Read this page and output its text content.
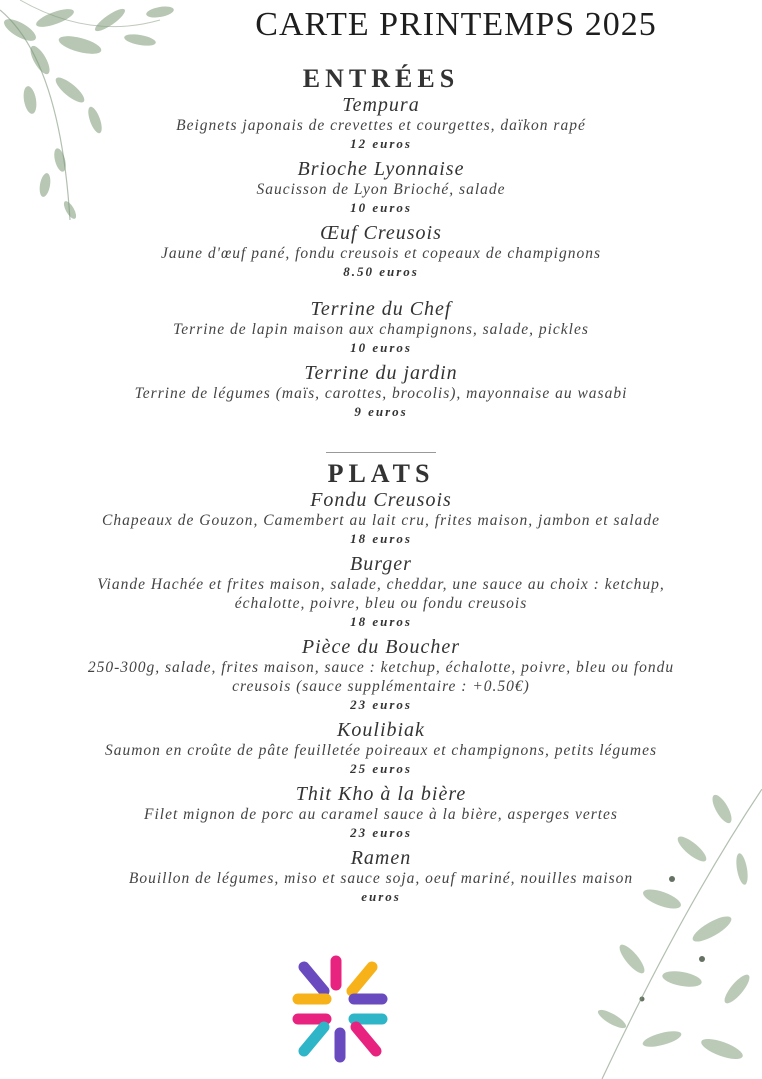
CARTE PRINTEMPS 2025
ENTRÉES
Tempura
Beignets japonais de crevettes et courgettes, daïkon rapé
12 euros
Brioche Lyonnaise
Saucisson de Lyon Brioché, salade
10 euros
Œuf Creusois
Jaune d'œuf pané, fondu creusois et copeaux de champignons
8.50 euros
Terrine du Chef
Terrine de lapin maison aux champignons, salade, pickles
10 euros
Terrine du jardin
Terrine de légumes (maïs, carottes, brocolis), mayonnaise au wasabi
9 euros
PLATS
Fondu Creusois
Chapeaux de Gouzon, Camembert au lait cru, frites maison, jambon et salade
18 euros
Burger
Viande Hachée et frites maison, salade, cheddar, une sauce au choix : ketchup, échalotte, poivre, bleu ou fondu creusois
18 euros
Pièce du Boucher
250-300g, salade, frites maison, sauce : ketchup, échalotte, poivre, bleu ou fondu creusois (sauce supplémentaire : +0.50€)
23 euros
Koulibiak
Saumon en croûte de pâte feuilletée poireaux et champignons, petits légumes
25 euros
Thit Kho à la bière
Filet mignon de porc au caramel sauce à la bière, asperges vertes
23 euros
Ramen
Bouillon de légumes, miso et sauce soja, oeuf mariné, nouilles maison
euros
